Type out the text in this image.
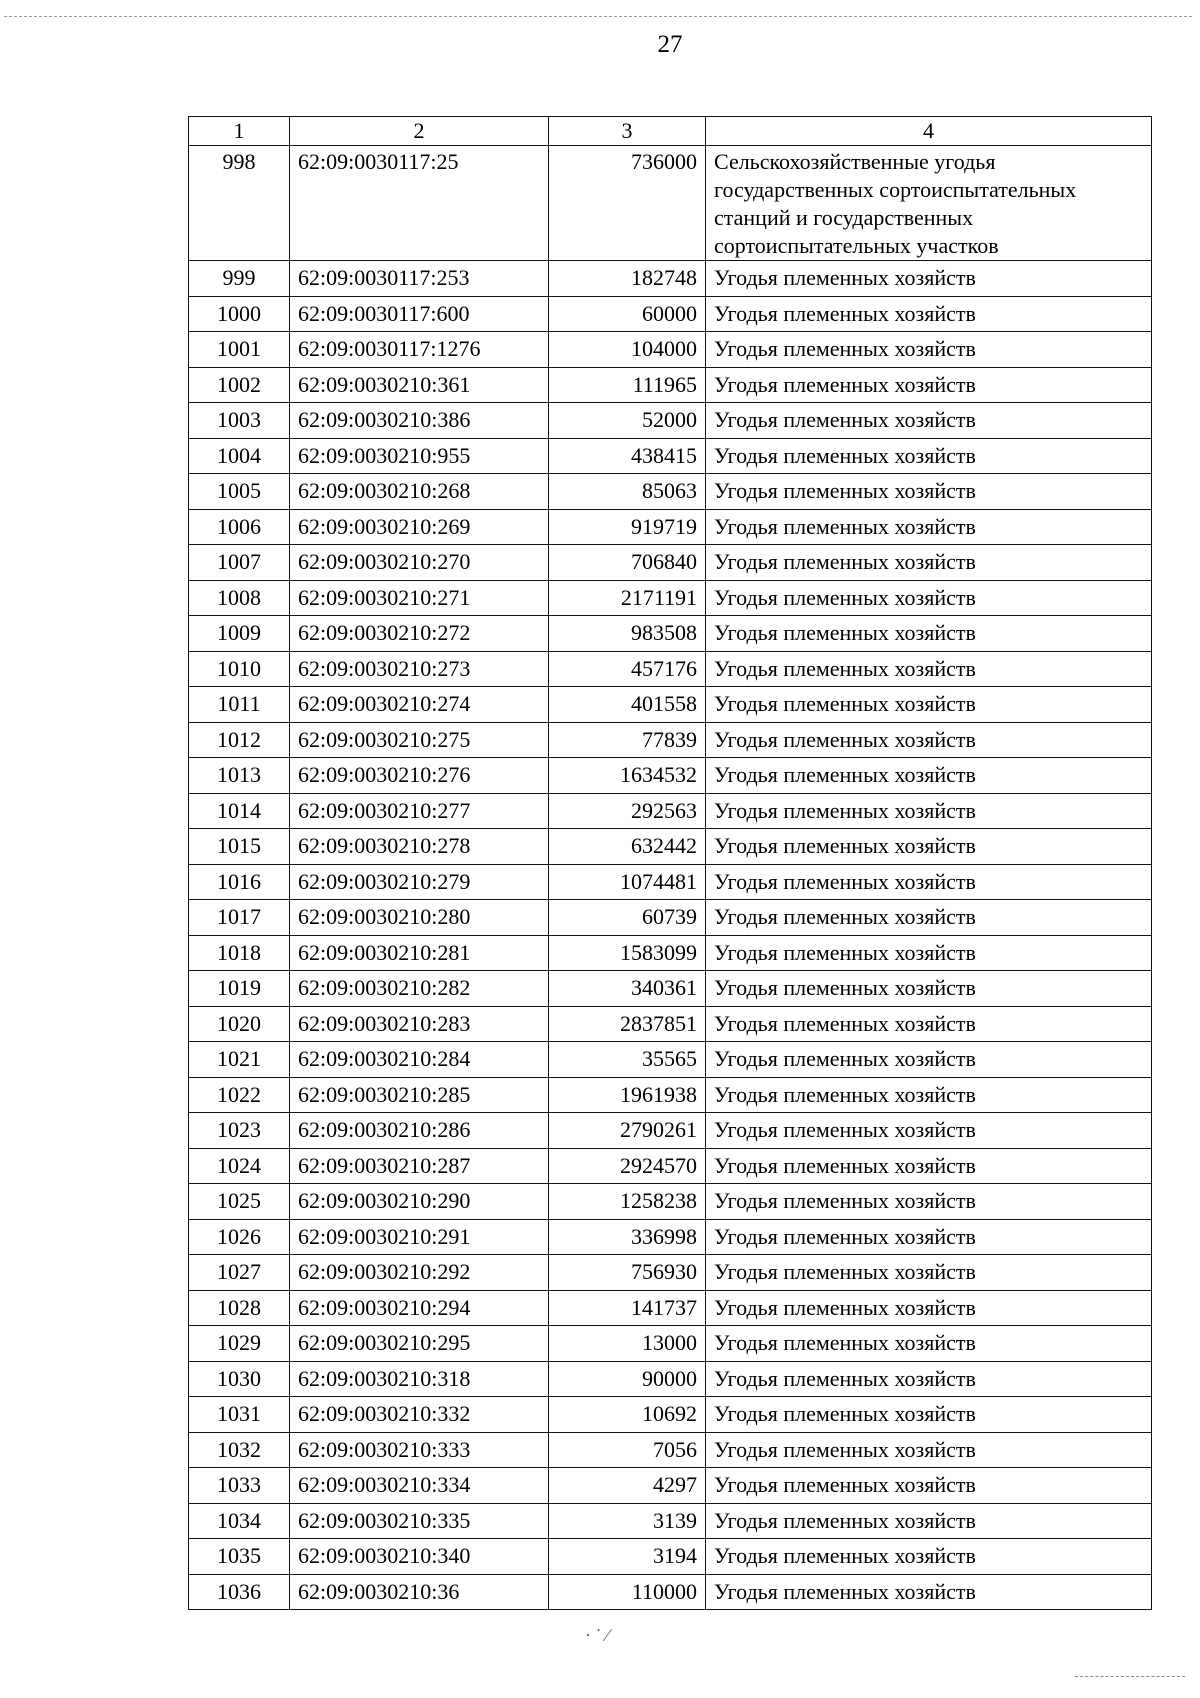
27
1	2	3	4
998	62:09:0030117:25	736000	Сельскохозяйственные угодья государственных сортоиспытательных станций и государственных сортоиспытательных участков
999	62:09:0030117:253	182748	Угодья племенных хозяйств
1000	62:09:0030117:600	60000	Угодья племенных хозяйств
1001	62:09:0030117:1276	104000	Угодья племенных хозяйств
1002	62:09:0030210:361	111965	Угодья племенных хозяйств
1003	62:09:0030210:386	52000	Угодья племенных хозяйств
1004	62:09:0030210:955	438415	Угодья племенных хозяйств
1005	62:09:0030210:268	85063	Угодья племенных хозяйств
1006	62:09:0030210:269	919719	Угодья племенных хозяйств
1007	62:09:0030210:270	706840	Угодья племенных хозяйств
1008	62:09:0030210:271	2171191	Угодья племенных хозяйств
1009	62:09:0030210:272	983508	Угодья племенных хозяйств
1010	62:09:0030210:273	457176	Угодья племенных хозяйств
1011	62:09:0030210:274	401558	Угодья племенных хозяйств
1012	62:09:0030210:275	77839	Угодья племенных хозяйств
1013	62:09:0030210:276	1634532	Угодья племенных хозяйств
1014	62:09:0030210:277	292563	Угодья племенных хозяйств
1015	62:09:0030210:278	632442	Угодья племенных хозяйств
1016	62:09:0030210:279	1074481	Угодья племенных хозяйств
1017	62:09:0030210:280	60739	Угодья племенных хозяйств
1018	62:09:0030210:281	1583099	Угодья племенных хозяйств
1019	62:09:0030210:282	340361	Угодья племенных хозяйств
1020	62:09:0030210:283	2837851	Угодья племенных хозяйств
1021	62:09:0030210:284	35565	Угодья племенных хозяйств
1022	62:09:0030210:285	1961938	Угодья племенных хозяйств
1023	62:09:0030210:286	2790261	Угодья племенных хозяйств
1024	62:09:0030210:287	2924570	Угодья племенных хозяйств
1025	62:09:0030210:290	1258238	Угодья племенных хозяйств
1026	62:09:0030210:291	336998	Угодья племенных хозяйств
1027	62:09:0030210:292	756930	Угодья племенных хозяйств
1028	62:09:0030210:294	141737	Угодья племенных хозяйств
1029	62:09:0030210:295	13000	Угодья племенных хозяйств
1030	62:09:0030210:318	90000	Угодья племенных хозяйств
1031	62:09:0030210:332	10692	Угодья племенных хозяйств
1032	62:09:0030210:333	7056	Угодья племенных хозяйств
1033	62:09:0030210:334	4297	Угодья племенных хозяйств
1034	62:09:0030210:335	3139	Угодья племенных хозяйств
1035	62:09:0030210:340	3194	Угодья племенных хозяйств
1036	62:09:0030210:36	110000	Угодья племенных хозяйств
· ˙ ⁄
